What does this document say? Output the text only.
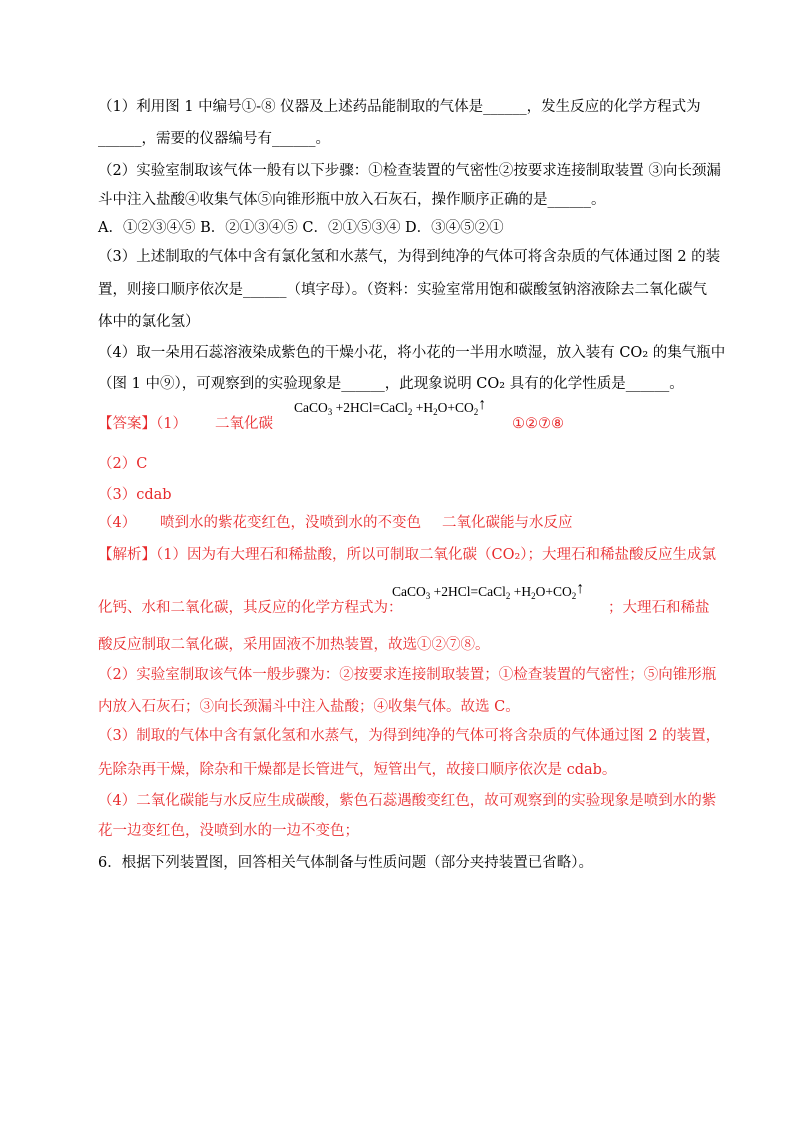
（1）利用图 1 中编号①-⑧ 仪器及上述药品能制取的气体是______，发生反应的化学方程式为
______，需要的仪器编号有______。
（2）实验室制取该气体一般有以下步骤：①检查装置的气密性②按要求连接制取装置 ③向长颈漏
斗中注入盐酸④收集气体⑤向锥形瓶中放入石灰石，操作顺序正确的是______。
A．①②③④⑤ B．②①③④⑤ C．②①⑤③④ D．③④⑤②①
（3）上述制取的气体中含有氯化氢和水蒸气，为得到纯净的气体可将含杂质的气体通过图 2 的装
置，则接口顺序依次是______（填字母）。（资料：实验室常用饱和碳酸氢钠溶液除去二氧化碳气
体中的氯化氢）
（4）取一朵用石蕊溶液染成紫色的干燥小花，将小花的一半用水喷湿，放入装有 CO₂ 的集气瓶中
（图 1 中⑨），可观察到的实验现象是______，此现象说明 CO₂ 具有的化学性质是______。
【答案】（1） 二氧化碳
CaCO$_3$ +2HCl=CaCl$_2$ $+H_2O+CO_2↑$
①②⑦⑧
（2）C
（3）cdab
（4） 喷到水的紫花变红色，没喷到水的不变色 二氧化碳能与水反应
【解析】（1）因为有大理石和稀盐酸，所以可制取二氧化碳（CO₂）；大理石和稀盐酸反应生成氯
化钙、水和二氧化碳，其反应的化学方程式为：
CaCO$_3$ +2HCl=CaCl$_2$ $+H_2O+CO_2↑$
；大理石和稀盐
酸反应制取二氧化碳，采用固液不加热装置，故选①②⑦⑧。
（2）实验室制取该气体一般步骤为：②按要求连接制取装置；①检查装置的气密性；⑤向锥形瓶
内放入石灰石；③向长颈漏斗中注入盐酸；④收集气体。故选 C。
（3）制取的气体中含有氯化氢和水蒸气，为得到纯净的气体可将含杂质的气体通过图 2 的装置，
先除杂再干燥，除杂和干燥都是长管进气，短管出气，故接口顺序依次是 cdab。
（4）二氧化碳能与水反应生成碳酸，紫色石蕊遇酸变红色，故可观察到的实验现象是喷到水的紫
花一边变红色，没喷到水的一边不变色；
6．根据下列装置图，回答相关气体制备与性质问题（部分夹持装置已省略）。
